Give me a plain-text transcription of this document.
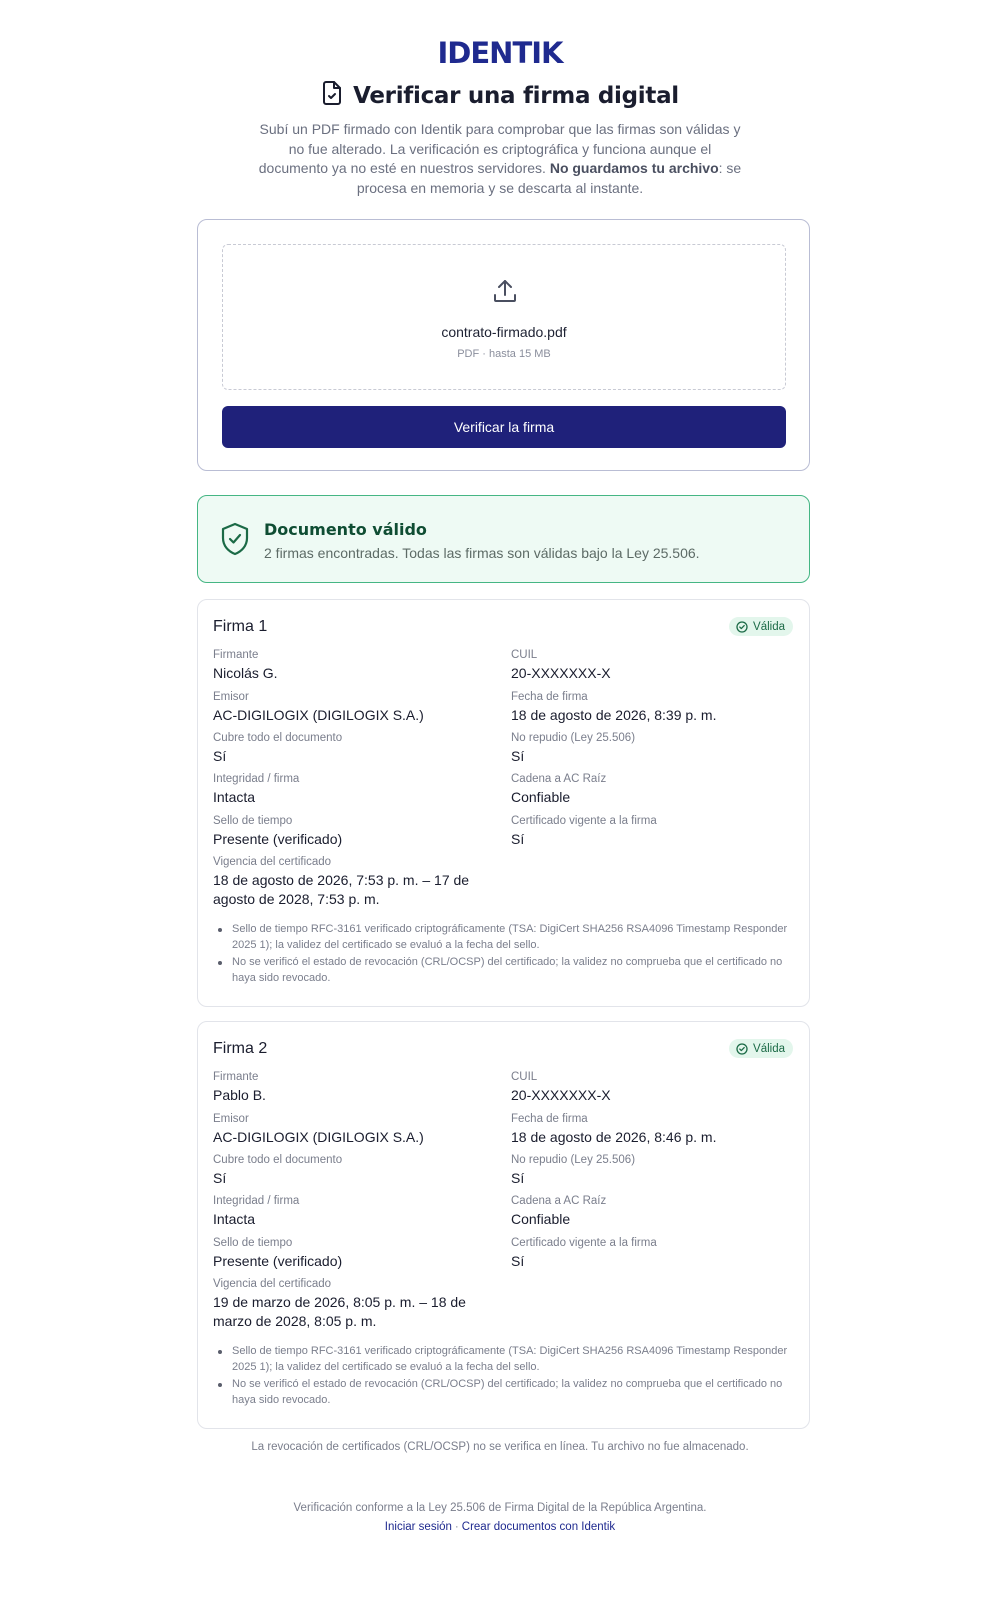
IDENTIK
Verificar una firma digital

Subí un PDF firmado con Identik para comprobar que las firmas son válidas y no fue alterado. La verificación es criptográfica y funciona aunque el documento ya no esté en nuestros servidores. No guardamos tu archivo: se procesa en memoria y se descarta al instante.

contrato-firmado.pdf
PDF · hasta 15 MB
Verificar la firma
Documento válido
2 firmas encontradas. Todas las firmas son válidas bajo la Ley 25.506.
Firma 1	Válida
Firmante
Nicolás G.
CUIL
20-XXXXXXX-X
Emisor
AC-DIGILOGIX (DIGILOGIX S.A.)
Fecha de firma
18 de agosto de 2026, 8:39 p. m.
Cubre todo el documento
Sí
No repudio (Ley 25.506)
Sí
Integridad / firma
Intacta
Cadena a AC Raíz
Confiable
Sello de tiempo
Presente (verificado)
Certificado vigente a la firma
Sí
Vigencia del certificado
18 de agosto de 2026, 7:53 p. m. – 17 de agosto de 2028, 7:53 p. m.
Sello de tiempo RFC-3161 verificado criptográficamente (TSA: DigiCert SHA256 RSA4096 Timestamp Responder 2025 1); la validez del certificado se evaluó a la fecha del sello.
No se verificó el estado de revocación (CRL/OCSP) del certificado; la validez no comprueba que el certificado no haya sido revocado.
Firma 2	Válida
Firmante
Pablo B.
CUIL
20-XXXXXXX-X
Emisor
AC-DIGILOGIX (DIGILOGIX S.A.)
Fecha de firma
18 de agosto de 2026, 8:46 p. m.
Cubre todo el documento
Sí
No repudio (Ley 25.506)
Sí
Integridad / firma
Intacta
Cadena a AC Raíz
Confiable
Sello de tiempo
Presente (verificado)
Certificado vigente a la firma
Sí
Vigencia del certificado
19 de marzo de 2026, 8:05 p. m. – 18 de marzo de 2028, 8:05 p. m.
Sello de tiempo RFC-3161 verificado criptográficamente (TSA: DigiCert SHA256 RSA4096 Timestamp Responder 2025 1); la validez del certificado se evaluó a la fecha del sello.
No se verificó el estado de revocación (CRL/OCSP) del certificado; la validez no comprueba que el certificado no haya sido revocado.
La revocación de certificados (CRL/OCSP) no se verifica en línea. Tu archivo no fue almacenado.
Verificación conforme a la Ley 25.506 de Firma Digital de la República Argentina.
Iniciar sesión · Crear documentos con Identik
